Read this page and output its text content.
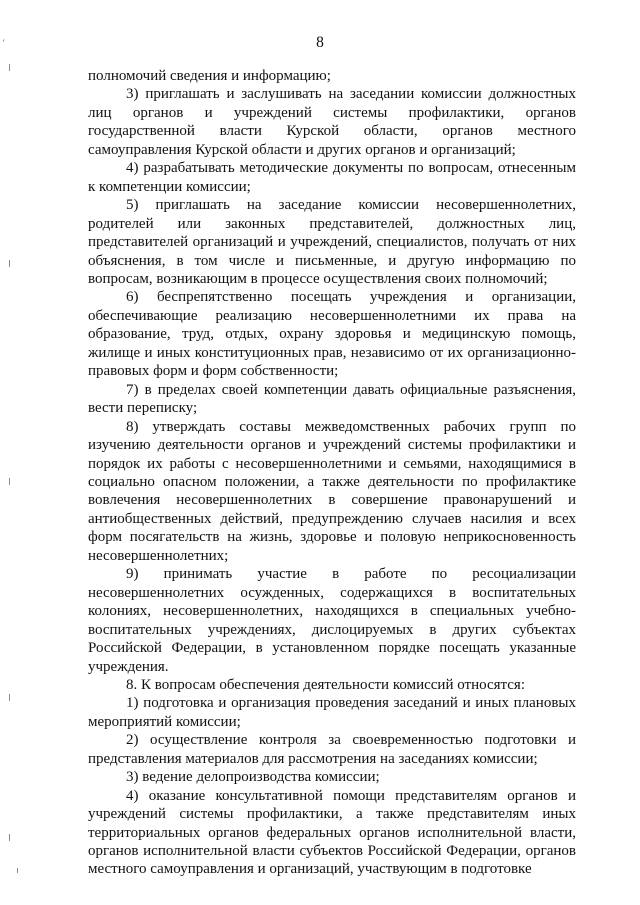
8

полномочий сведения и информацию;

3) приглашать и заслушивать на заседании комиссии должностных лиц органов и учреждений системы профилактики, органов государственной власти Курской области, органов местного самоуправления Курской области и других органов и организаций;

4) разрабатывать методические документы по вопросам, отнесенным к компетенции комиссии;

5) приглашать на заседание комиссии несовершеннолетних, родителей или законных представителей, должностных лиц, представителей организаций и учреждений, специалистов, получать от них объяснения, в том числе и письменные, и другую информацию по вопросам, возникающим в процессе осуществления своих полномочий;

6) беспрепятственно посещать учреждения и организации, обеспечивающие реализацию несовершеннолетними их права на образование, труд, отдых, охрану здоровья и медицинскую помощь, жилище и иных конституционных прав, независимо от их организационно-правовых форм и форм собственности;

7) в пределах своей компетенции давать официальные разъяснения, вести переписку;

8) утверждать составы межведомственных рабочих групп по изучению деятельности органов и учреждений системы профилактики и порядок их работы с несовершеннолетними и семьями, находящимися в социально опасном положении, а также деятельности по профилактике вовлечения несовершеннолетних в совершение правонарушений и антиобщественных действий, предупреждению случаев насилия и всех форм посягательств на жизнь, здоровье и половую неприкосновенность несовершеннолетних;

9) принимать участие в работе по ресоциализации несовершеннолетних осужденных, содержащихся в воспитательных колониях, несовершеннолетних, находящихся в специальных учебно-воспитательных учреждениях, дислоцируемых в других субъектах Российской Федерации, в установленном порядке посещать указанные учреждения.

8. К вопросам обеспечения деятельности комиссий относятся:

1) подготовка и организация проведения заседаний и иных плановых мероприятий комиссии;

2) осуществление контроля за своевременностью подготовки и представления материалов для рассмотрения на заседаниях комиссии;

3) ведение делопроизводства комиссии;

4) оказание консультативной помощи представителям органов и учреждений системы профилактики, а также представителям иных территориальных органов федеральных органов исполнительной власти, органов исполнительной власти субъектов Российской Федерации, органов местного самоуправления и организаций, участвующим в подготовке

‘
